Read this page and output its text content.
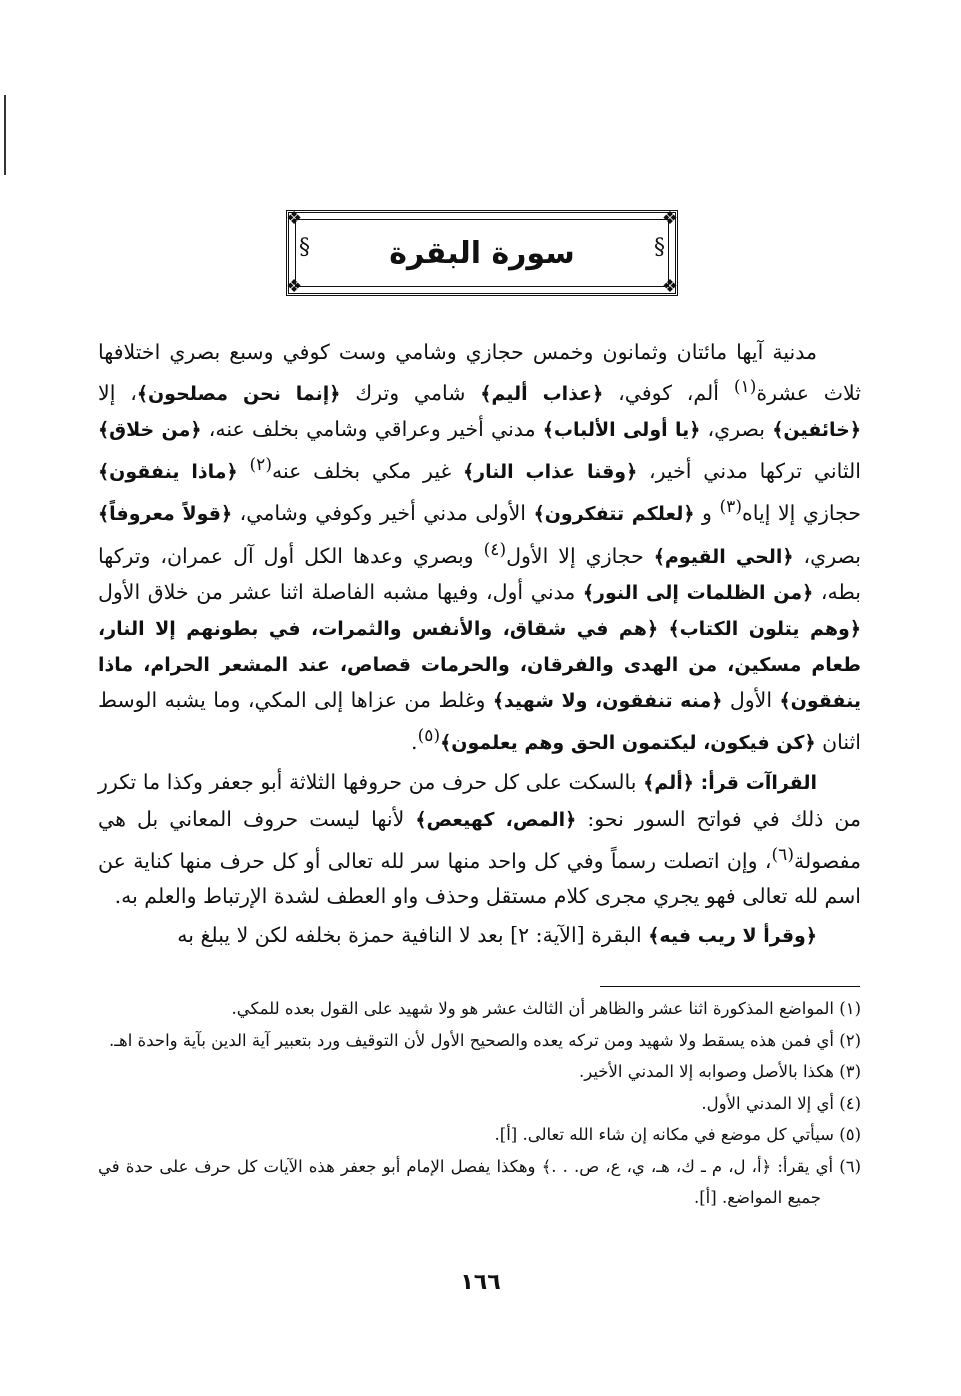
❖	❖
❖	❖
§	§
سورة البقرة

مدنية آيها مائتان وثمانون وخمس حجازي وشامي وست كوفي وسبع بصري اختلافها ثلاث عشرة$^{(١)}$ ألم، كوفي، ﴿عذاب أليم﴾ شامي وترك ﴿إنما نحن مصلحون﴾، إلا ﴿خائفين﴾ بصري، ﴿يا أولى الألباب﴾ مدني أخير وعراقي وشامي بخلف عنه، ﴿من خلاق﴾ الثاني تركها مدني أخير، ﴿وقنا عذاب النار﴾ غير مكي بخلف عنه$^{(٢)}$ ﴿ماذا ينفقون﴾ حجازي إلا إياه$^{(٣)}$ و ﴿لعلكم تتفكرون﴾ الأولى مدني أخير وكوفي وشامي، ﴿قولاً معروفاً﴾ بصري، ﴿الحي القيوم﴾ حجازي إلا الأول$^{(٤)}$ وبصري وعدها الكل أول آل عمران، وتركها بطه، ﴿من الظلمات إلى النور﴾ مدني أول، وفيها مشبه الفاصلة اثنا عشر من خلاق الأول ﴿وهم يتلون الكتاب﴾ ﴿هم في شقاق، والأنفس والثمرات، في بطونهم إلا النار، طعام مسكين، من الهدى والفرقان، والحرمات قصاص، عند المشعر الحرام، ماذا ينفقون﴾ الأول ﴿منه تنفقون، ولا شهيد﴾ وغلط من عزاها إلى المكي، وما يشبه الوسط اثنان ﴿كن فيكون، ليكتمون الحق وهم يعلمون﴾$^{(٥)}$.

القراآت قرأ: ﴿ألم﴾ بالسكت على كل حرف من حروفها الثلاثة أبو جعفر وكذا ما تكرر من ذلك في فواتح السور نحو: ﴿المص، كهيعص﴾ لأنها ليست حروف المعاني بل هي مفصولة$^{(٦)}$، وإن اتصلت رسماً وفي كل واحد منها سر لله تعالى أو كل حرف منها كناية عن اسم لله تعالى فهو يجري مجرى كلام مستقل وحذف واو العطف لشدة الإرتباط والعلم به.

﴿وقرأ لا ريب فيه﴾ البقرة [الآية: ٢] بعد لا النافية حمزة بخلفه لكن لا يبلغ به

(١) المواضع المذكورة اثنا عشر والظاهر أن الثالث عشر هو ولا شهيد على القول بعده للمكي.

(٢) أي فمن هذه يسقط ولا شهيد ومن تركه يعده والصحيح الأول لأن التوقيف ورد بتعبير آية الدين بآية واحدة اهـ.

(٣) هكذا بالأصل وصوابه إلا المدني الأخير.

(٤) أي إلا المدني الأول.

(٥) سيأتي كل موضع في مكانه إن شاء الله تعالى. [أ].

(٦) أي يقرأ: ﴿أ، ل، م ـ ك، هـ، ي، ع، ص. . .﴾ وهكذا يفصل الإمام أبو جعفر هذه الآيات كل حرف على حدة في جميع المواضع. [أ].

١٦٦
